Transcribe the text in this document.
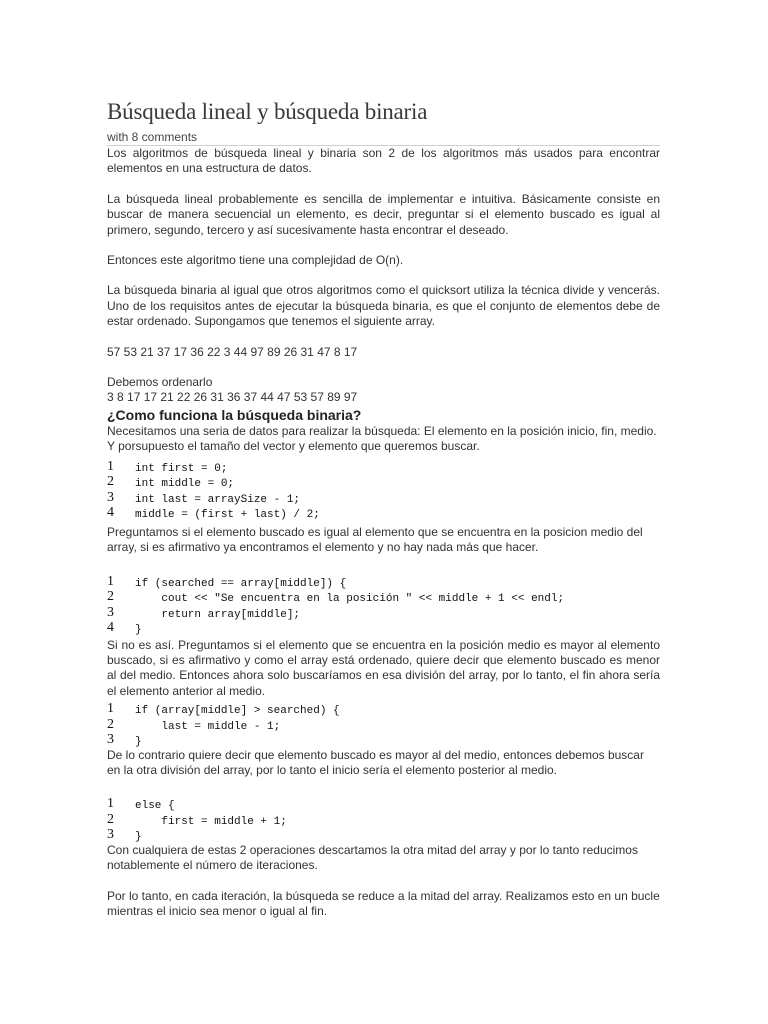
Búsqueda lineal y búsqueda binaria
with 8 comments

Los algoritmos de búsqueda lineal y binaria son 2 de los algoritmos más usados para encontrar elementos en una estructura de datos.

La búsqueda lineal probablemente es sencilla de implementar e intuitiva. Básicamente consiste en buscar de manera secuencial un elemento, es decir, preguntar si el elemento buscado es igual al primero, segundo, tercero y así sucesivamente hasta encontrar el deseado.

Entonces este algoritmo tiene una complejidad de O(n).

La búsqueda binaria al igual que otros algoritmos como el quicksort utiliza la técnica divide y vencerás. Uno de los requisitos antes de ejecutar la búsqueda binaria, es que el conjunto de elementos debe de estar ordenado. Supongamos que tenemos el siguiente array.

57 53 21 37 17 36 22 3 44 97 89 26 31 47 8 17

Debemos ordenarlo

3 8 17 17 21 22 26 31 36 37 44 47 53 57 89 97

¿Como funciona la búsqueda binaria?

Necesitamos una seria de datos para realizar la búsqueda: El elemento en la posición inicio, fin, medio. Y porsupuesto el tamaño del vector y elemento que queremos buscar.

1	int first = 0;
2	int middle = 0;
3	int last = arraySize - 1;
4	middle = (first + last) / 2;

Preguntamos si el elemento buscado es igual al elemento que se encuentra en la posicion medio del array, si es afirmativo ya encontramos el elemento y no hay nada más que hacer.

1	if (searched == array[middle]) {
2	cout << "Se encuentra en la posición " << middle + 1 << endl;
3	return array[middle];
4	}

Si no es así. Preguntamos si el elemento que se encuentra en la posición medio es mayor al elemento buscado, si es afirmativo y como el array está ordenado, quiere decir que elemento buscado es menor al del medio. Entonces ahora solo buscaríamos en esa división del array, por lo tanto, el fin ahora sería el elemento anterior al medio.

1	if (array[middle] > searched) {
2	last = middle - 1;
3	}

De lo contrario quiere decir que elemento buscado es mayor al del medio, entonces debemos buscar en la otra división del array, por lo tanto el inicio sería el elemento posterior al medio.

1	else {
2	first = middle + 1;
3	}

Con cualquiera de estas 2 operaciones descartamos la otra mitad del array y por lo tanto reducimos notablemente el número de iteraciones.

Por lo tanto, en cada iteración, la búsqueda se reduce a la mitad del array. Realizamos esto en un bucle mientras el inicio sea menor o igual al fin.
